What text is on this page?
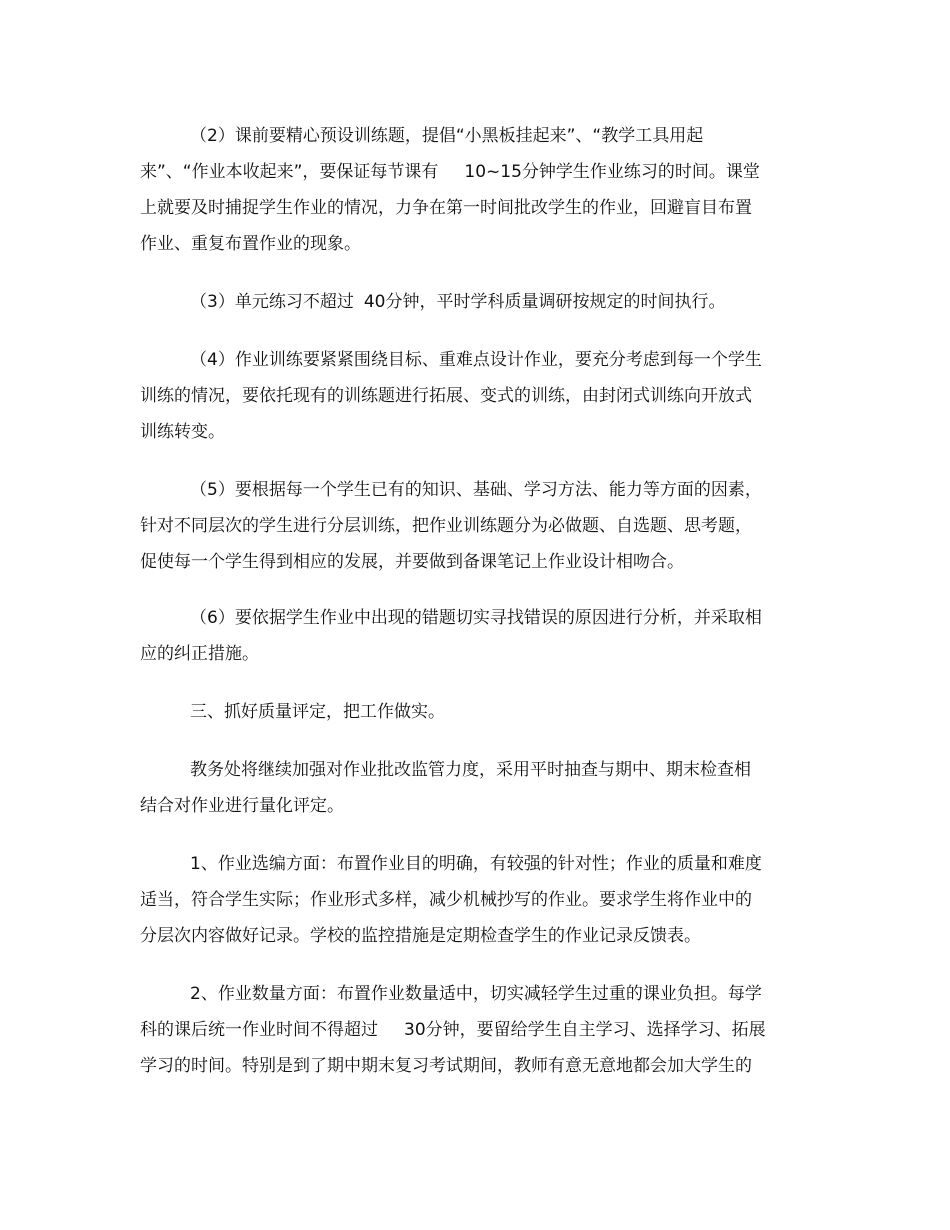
（2）课前要精心预设训练题，提倡“小黑板挂起来”、“教学工具用起
来”、“作业本收起来”，要保证每节课有 10~15分钟学生作业练习的时间。课堂
上就要及时捕捉学生作业的情况，力争在第一时间批改学生的作业，回避盲目布置
作业、重复布置作业的现象。
（3）单元练习不超过 40分钟，平时学科质量调研按规定的时间执行。
（4）作业训练要紧紧围绕目标、重难点设计作业，要充分考虑到每一个学生
训练的情况，要依托现有的训练题进行拓展、变式的训练，由封闭式训练向开放式
训练转变。
（5）要根据每一个学生已有的知识、基础、学习方法、能力等方面的因素，
针对不同层次的学生进行分层训练，把作业训练题分为必做题、自选题、思考题，
促使每一个学生得到相应的发展，并要做到备课笔记上作业设计相吻合。
（6）要依据学生作业中出现的错题切实寻找错误的原因进行分析，并采取相
应的纠正措施。
三、抓好质量评定，把工作做实。
教务处将继续加强对作业批改监管力度，采用平时抽查与期中、期末检查相
结合对作业进行量化评定。
1、作业选编方面：布置作业目的明确，有较强的针对性；作业的质量和难度
适当，符合学生实际；作业形式多样，减少机械抄写的作业。要求学生将作业中的
分层次内容做好记录。学校的监控措施是定期检查学生的作业记录反馈表。
2、作业数量方面：布置作业数量适中，切实减轻学生过重的课业负担。每学
科的课后统一作业时间不得超过 30分钟，要留给学生自主学习、选择学习、拓展
学习的时间。特别是到了期中期末复习考试期间，教师有意无意地都会加大学生的
